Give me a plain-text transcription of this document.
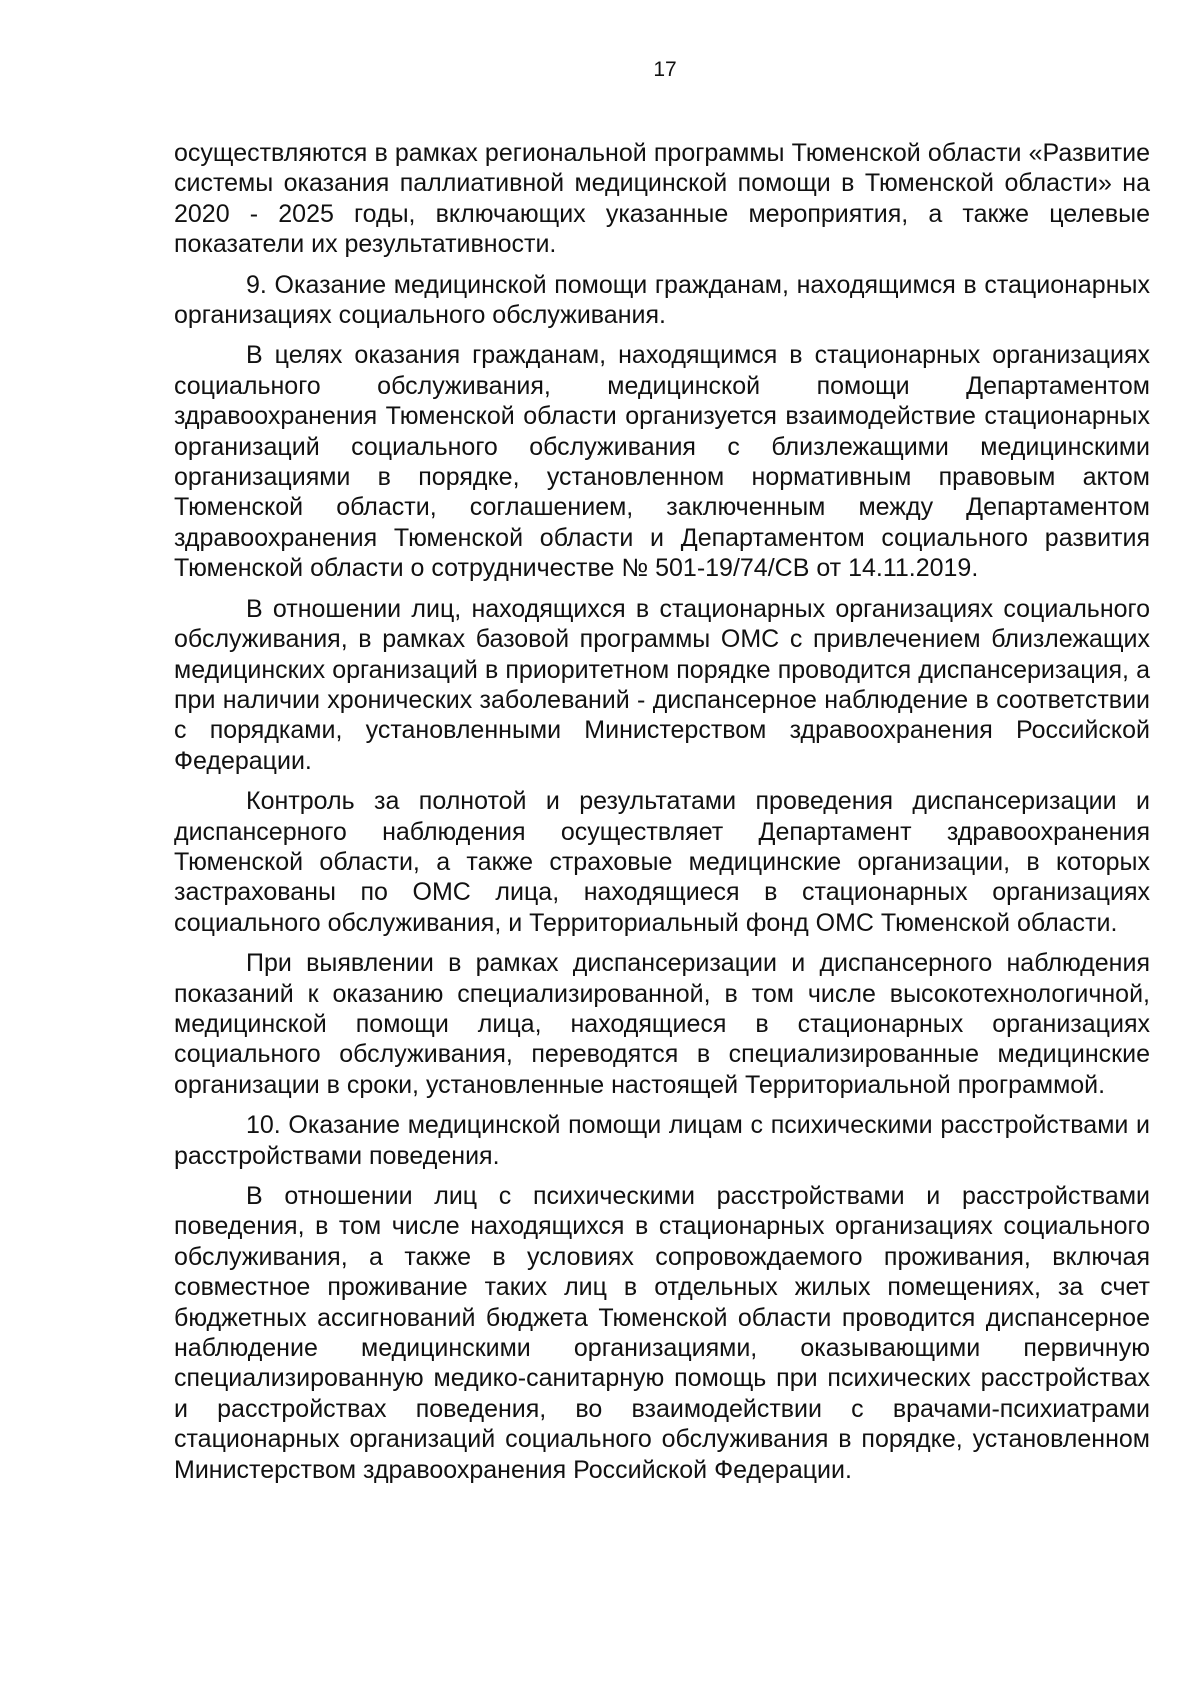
17

осуществляются в рамках региональной программы Тюменской области «Развитие системы оказания паллиативной медицинской помощи в Тюменской области» на 2020 - 2025 годы, включающих указанные мероприятия, а также целевые показатели их результативности.

9. Оказание медицинской помощи гражданам, находящимся в стационарных организациях социального обслуживания.

В целях оказания гражданам, находящимся в стационарных организациях социального обслуживания, медицинской помощи Департаментом здравоохранения Тюменской области организуется взаимодействие стационарных организаций социального обслуживания с близлежащими медицинскими организациями в порядке, установленном нормативным правовым актом Тюменской области, соглашением, заключенным между Департаментом здравоохранения Тюменской области и Департаментом социального развития Тюменской области о сотрудничестве № 501-19/74/СВ от 14.11.2019.

В отношении лиц, находящихся в стационарных организациях социального обслуживания, в рамках базовой программы ОМС с привлечением близлежащих медицинских организаций в приоритетном порядке проводится диспансеризация, а при наличии хронических заболеваний - диспансерное наблюдение в соответствии с порядками, установленными Министерством здравоохранения Российской Федерации.

Контроль за полнотой и результатами проведения диспансеризации и диспансерного наблюдения осуществляет Департамент здравоохранения Тюменской области, а также страховые медицинские организации, в которых застрахованы по ОМС лица, находящиеся в стационарных организациях социального обслуживания, и Территориальный фонд ОМС Тюменской области.

При выявлении в рамках диспансеризации и диспансерного наблюдения показаний к оказанию специализированной, в том числе высокотехнологичной, медицинской помощи лица, находящиеся в стационарных организациях социального обслуживания, переводятся в специализированные медицинские организации в сроки, установленные настоящей Территориальной программой.

10. Оказание медицинской помощи лицам с психическими расстройствами и расстройствами поведения.

В отношении лиц с психическими расстройствами и расстройствами поведения, в том числе находящихся в стационарных организациях социального обслуживания, а также в условиях сопровождаемого проживания, включая совместное проживание таких лиц в отдельных жилых помещениях, за счет бюджетных ассигнований бюджета Тюменской области проводится диспансерное наблюдение медицинскими организациями, оказывающими первичную специализированную медико-санитарную помощь при психических расстройствах и расстройствах поведения, во взаимодействии с врачами-психиатрами стационарных организаций социального обслуживания в порядке, установленном Министерством здравоохранения Российской Федерации.
